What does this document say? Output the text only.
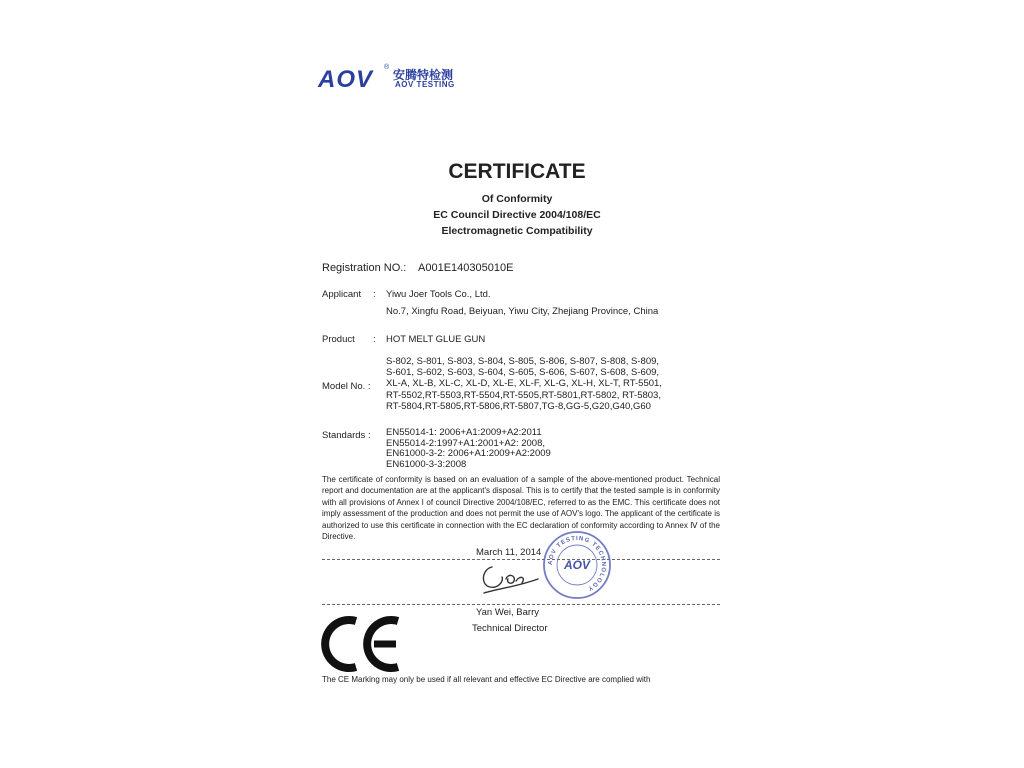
AOV ®
安腾特检测
AOV TESTING
CERTIFICATE
Of Conformity
EC Council Directive 2004/108/EC
Electromagnetic Compatibility
Registration NO.: A001E140305010E
Applicant : Yiwu Joer Tools Co., Ltd.
No.7, Xingfu Road, Beiyuan, Yiwu City, Zhejiang Province, China
Product : HOT MELT GLUE GUN
Model No. :
S-802, S-801, S-803, S-804, S-805, S-806, S-807, S-808, S-809,
S-601, S-602, S-603, S-604, S-605, S-606, S-607, S-608, S-609,
XL-A, XL-B, XL-C, XL-D, XL-E, XL-F, XL-G, XL-H, XL-T, RT-5501,
RT-5502,RT-5503,RT-5504,RT-5505,RT-5801,RT-5802, RT-5803,
RT-5804,RT-5805,RT-5806,RT-5807,TG-8,GG-5,G20,G40,G60
Standards : EN55014-1: 2006+A1:2009+A2:2011
EN55014-2:1997+A1:2001+A2: 2008,
EN61000-3-2: 2006+A1:2009+A2:2009
EN61000-3-3:2008
The certificate of conformity is based on an evaluation of a sample of the above-mentioned product. Technical report and documentation are at the applicant's disposal. This is to certify that the tested sample is in conformity with all provisions of Annex I of council Directive 2004/108/EC, referred to as the EMC. This certificate does not imply assessment of the production and does not permit the use of AOV's logo. The applicant of the certificate is authorized to use this certificate in connection with the EC declaration of conformity according to Annex Ⅳ of the Directive.
March 11, 2014
AOV TESTING TECHNOLOGY
AOV
Yan Wei, Barry
Technical Director
The CE Marking may only be used if all relevant and effective EC Directive are complied with
